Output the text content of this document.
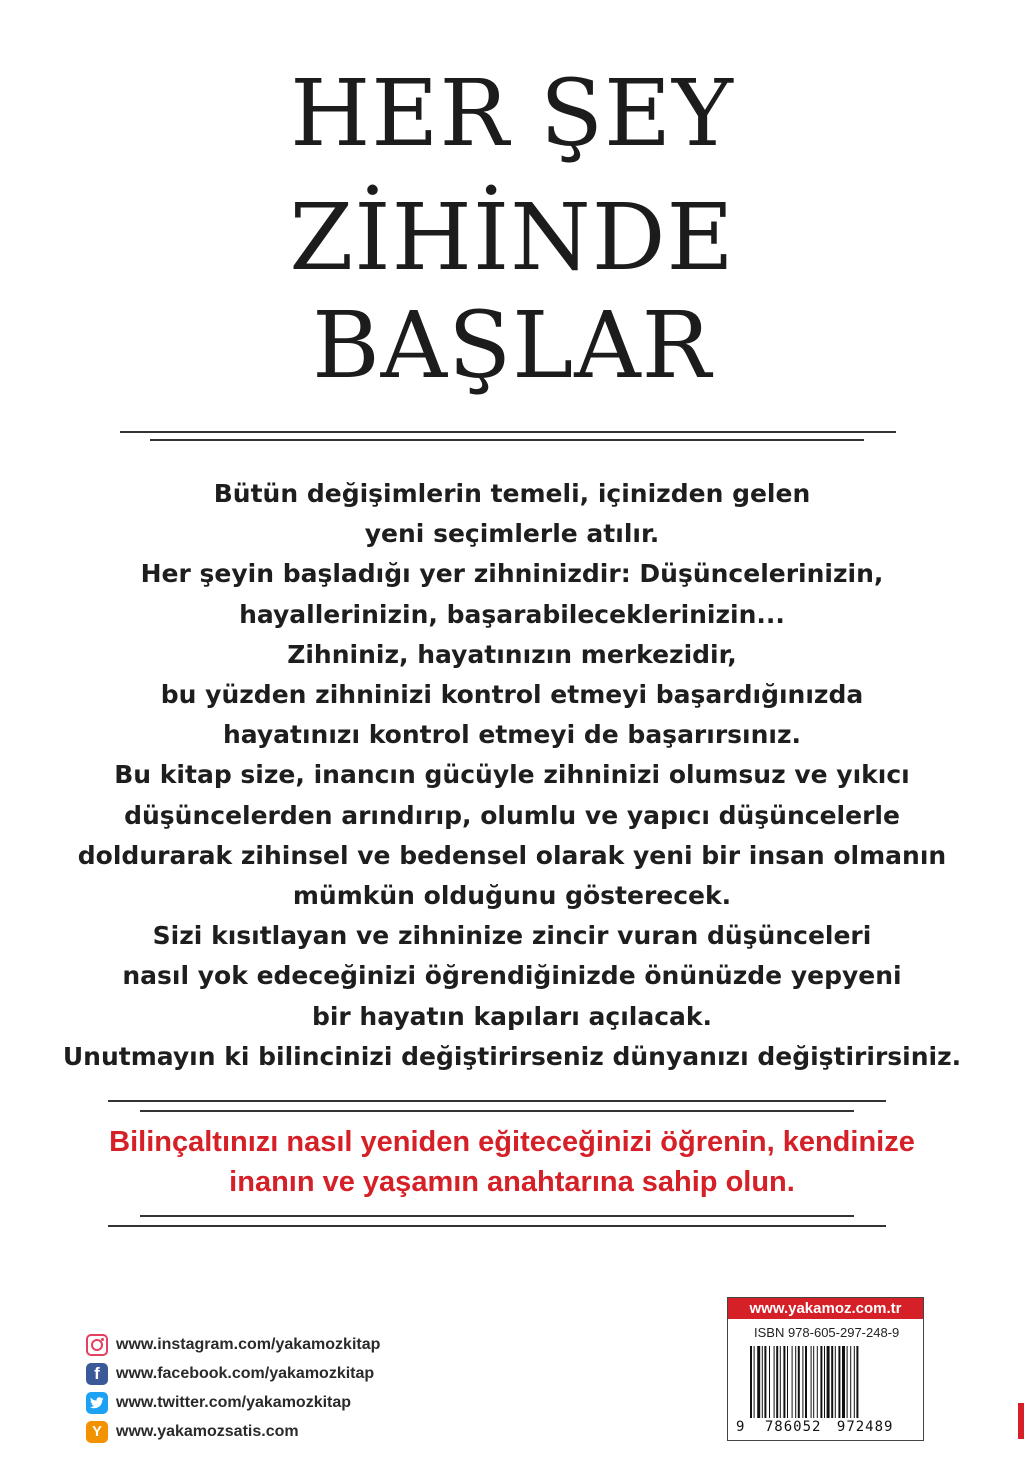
HER ŞEY
ZİHİNDE
BAŞLAR
Bütün değişimlerin temeli, içinizden gelen
yeni seçimlerle atılır.
Her şeyin başladığı yer zihninizdir: Düşüncelerinizin,
hayallerinizin, başarabileceklerinizin...
Zihniniz, hayatınızın merkezidir,
bu yüzden zihninizi kontrol etmeyi başardığınızda
hayatınızı kontrol etmeyi de başarırsınız.
Bu kitap size, inancın gücüyle zihninizi olumsuz ve yıkıcı
düşüncelerden arındırıp, olumlu ve yapıcı düşüncelerle
doldurarak zihinsel ve bedensel olarak yeni bir insan olmanın
mümkün olduğunu gösterecek.
Sizi kısıtlayan ve zihninize zincir vuran düşünceleri
nasıl yok edeceğinizi öğrendiğinizde önünüzde yepyeni
bir hayatın kapıları açılacak.
Unutmayın ki bilincinizi değiştirirseniz dünyanızı değiştirirsiniz.
Bilinçaltınızı nasıl yeniden eğiteceğinizi öğrenin, kendinize
inanın ve yaşamın anahtarına sahip olun.
www.instagram.com/yakamozkitap
f	www.facebook.com/yakamozkitap
www.twitter.com/yakamozkitap
Y www.yakamozsatis.com
www.yakamoz.com.tr
ISBN 978-605-297-248-9
9 786052 972489
